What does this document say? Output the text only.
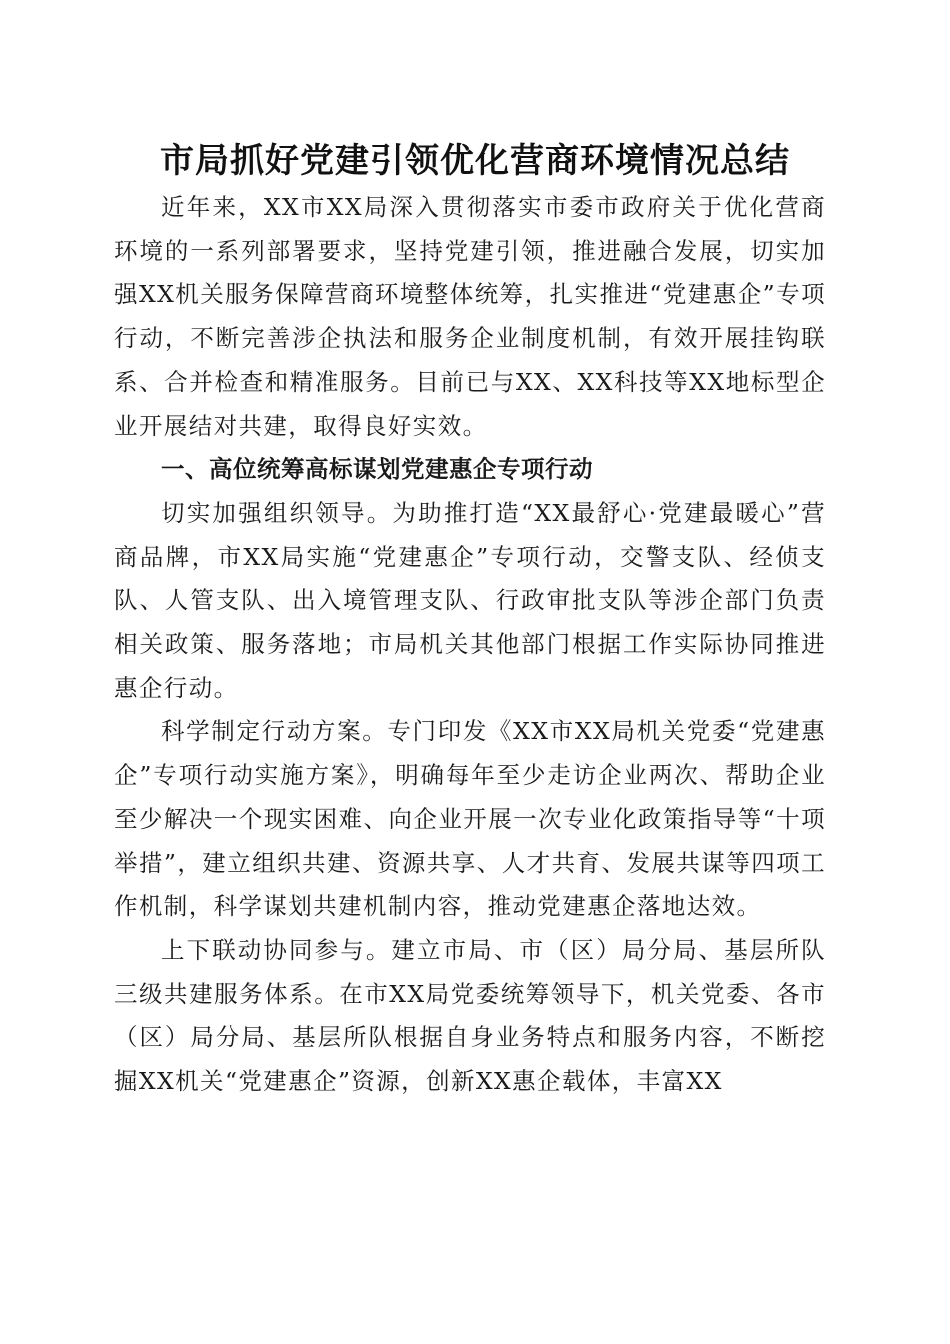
市局抓好党建引领优化营商环境情况总结

近年来，XX市XX局深入贯彻落实市委市政府关于优化营商环境的一系列部署要求，坚持党建引领，推进融合发展，切实加强XX机关服务保障营商环境整体统筹，扎实推进“党建惠企”专项行动，不断完善涉企执法和服务企业制度机制，有效开展挂钩联系、合并检查和精准服务。目前已与XX、XX科技等XX地标型企业开展结对共建，取得良好实效。

一、高位统筹高标谋划党建惠企专项行动

切实加强组织领导。为助推打造“XX最舒心·党建最暖心”营商品牌，市XX局实施“党建惠企”专项行动，交警支队、经侦支队、人管支队、出入境管理支队、行政审批支队等涉企部门负责相关政策、服务落地；市局机关其他部门根据工作实际协同推进惠企行动。

科学制定行动方案。专门印发《XX市XX局机关党委“党建惠企”专项行动实施方案》，明确每年至少走访企业两次、帮助企业至少解决一个现实困难、向企业开展一次专业化政策指导等“十项举措”，建立组织共建、资源共享、人才共育、发展共谋等四项工作机制，科学谋划共建机制内容，推动党建惠企落地达效。

上下联动协同参与。建立市局、市（区）局分局、基层所队三级共建服务体系。在市XX局党委统筹领导下，机关党委、各市（区）局分局、基层所队根据自身业务特点和服务内容，不断挖掘XX机关“党建惠企”资源，创新XX惠企载体，丰富XX
